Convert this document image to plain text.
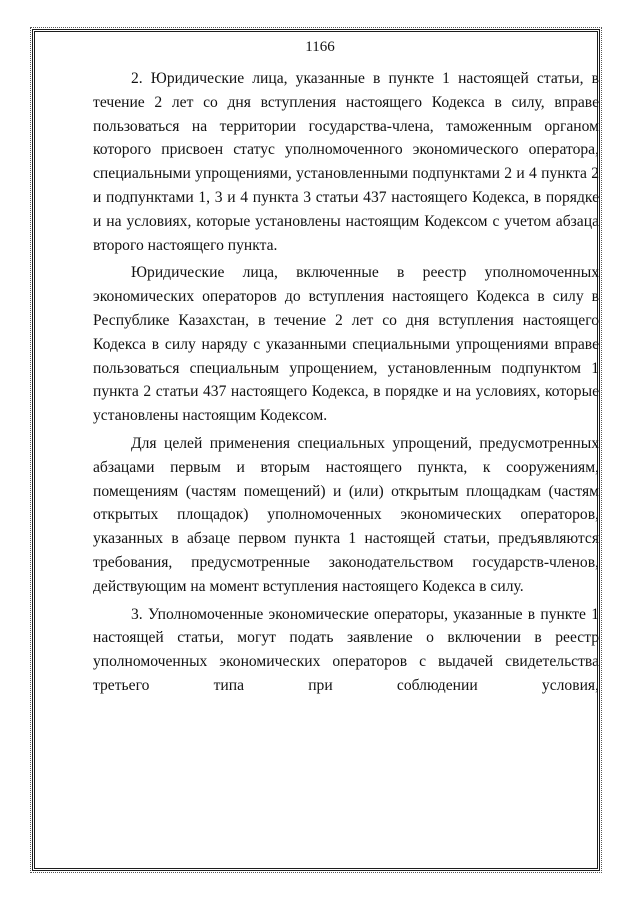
1166

2. Юридические лица, указанные в пункте 1 настоящей статьи, в течение 2 лет со дня вступления настоящего Кодекса в силу, вправе пользоваться на территории государства-члена, таможенным органом которого присвоен статус уполномоченного экономического оператора, специальными упрощениями, установленными подпунктами 2 и 4 пункта 2 и подпунктами 1, 3 и 4 пункта 3 статьи 437 настоящего Кодекса, в порядке и на условиях, которые установлены настоящим Кодексом с учетом абзаца второго настоящего пункта.

Юридические лица, включенные в реестр уполномоченных экономических операторов до вступления настоящего Кодекса в силу в Республике Казахстан, в течение 2 лет со дня вступления настоящего Кодекса в силу наряду с указанными специальными упрощениями вправе пользоваться специальным упрощением, установленным подпунктом 1 пункта 2 статьи 437 настоящего Кодекса, в порядке и на условиях, которые установлены настоящим Кодексом.

Для целей применения специальных упрощений, предусмотренных абзацами первым и вторым настоящего пункта, к сооружениям, помещениям (частям помещений) и (или) открытым площадкам (частям открытых площадок) уполномоченных экономических операторов, указанных в абзаце первом пункта 1 настоящей статьи, предъявляются требования, предусмотренные законодательством государств-членов, действующим на момент вступления настоящего Кодекса в силу.

3. Уполномоченные экономические операторы, указанные в пункте 1 настоящей статьи, могут подать заявление о включении в реестр уполномоченных экономических операторов с выдачей свидетельства третьего типа при соблюдении условия,
